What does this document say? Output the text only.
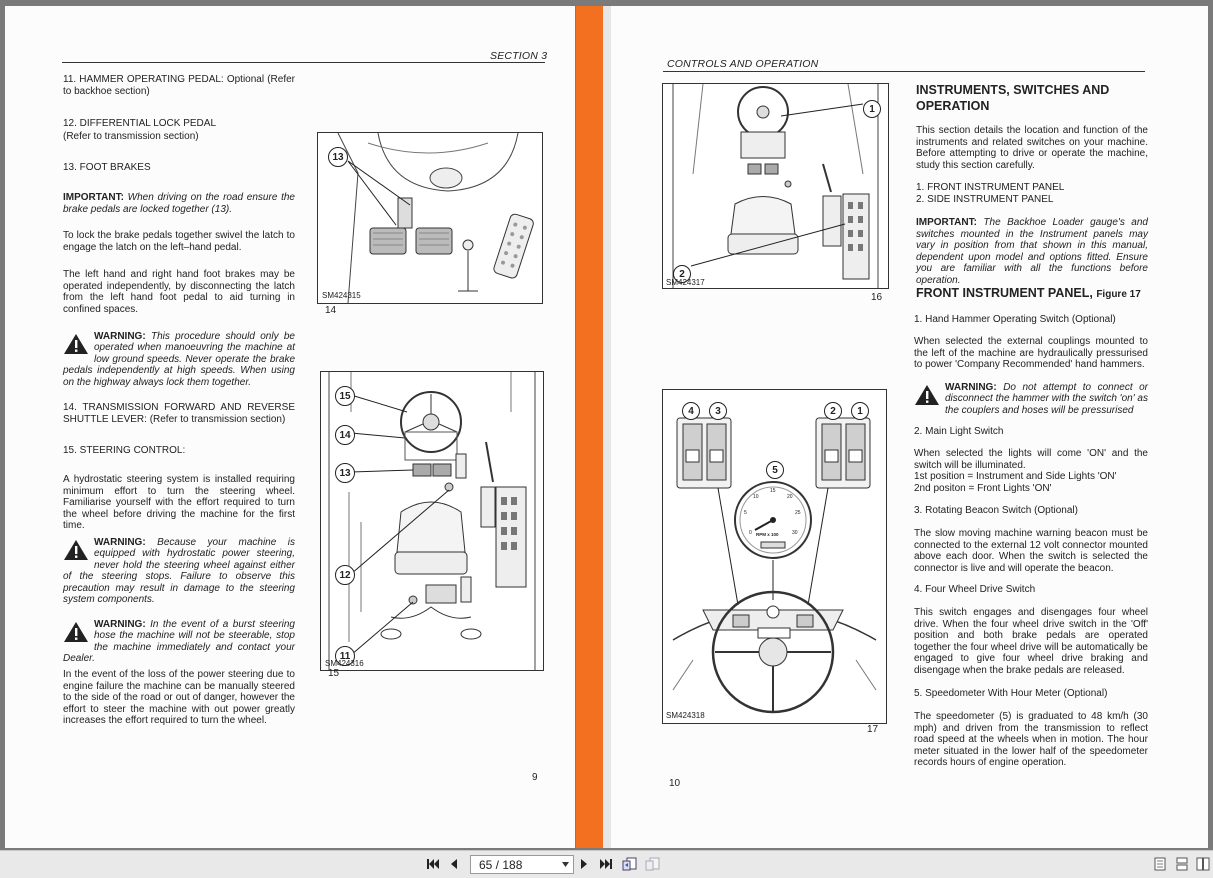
SECTION 3
11. HAMMER OPERATING PEDAL: Optional (Refer to backhoe section)
12. DIFFERENTIAL LOCK PEDAL
(Refer to transmission section)
13. FOOT BRAKES
IMPORTANT: When driving on the road ensure the brake pedals are locked together (13).
To lock the brake pedals together swivel the latch to engage the latch on the left–hand pedal.
The left hand and right hand foot brakes may be operated independently, by disconnecting the latch from the left hand foot pedal to aid turning in confined spaces.
WARNING: This procedure should only be operated when manoeuvring the machine at low ground speeds. Never operate the brake pedals independently at high speeds. When using on the highway always lock them together.
14. TRANSMISSION FORWARD AND REVERSE SHUTTLE LEVER: (Refer to transmission section)
15. STEERING CONTROL:
A hydrostatic steering system is installed requiring minimum effort to turn the steering wheel. Familiarise yourself with the effort required to turn the wheel before driving the machine for the first time.
WARNING: Because your machine is equipped with hydrostatic power steering, never hold the steering wheel against either of the steering stops. Failure to observe this precaution may result in damage to the steering system components.
WARNING: In the event of a burst steering hose the machine will not be steerable, stop the machine immediately and contact your Dealer.
In the event of the loss of the power steering due to engine failure the machine can be manually steered to the side of the road or out of danger, however the effort to steer the machine with out power greatly increases the effort required to turn the wheel.
13
SM424315
14
15
14
13
12
11
SM424316
15
9
CONTROLS AND OPERATION
1
2
SM424317
16
4	3	2	1
5
RPM x 100
0
5
10
15
20
25
30
SM424318
17
INSTRUMENTS, SWITCHES AND OPERATION
This section details the location and function of the instruments and related switches on your machine. Before attempting to drive or operate the machine, study this section carefully.
1. FRONT INSTRUMENT PANEL
2. SIDE INSTRUMENT PANEL
IMPORTANT: The Backhoe Loader gauge's and switches mounted in the Instrument panels may vary in position from that shown in this manual, dependent upon model and options fitted. Ensure you are familiar with all the functions before operation.
FRONT INSTRUMENT PANEL, Figure 17
1. Hand Hammer Operating Switch (Optional)
When selected the external couplings mounted to the left of the machine are hydraulically pressurised to power 'Company Recommended' hand hammers.
WARNING: Do not attempt to connect or disconnect the hammer with the switch 'on' as the couplers and hoses will be pressurised
2. Main Light Switch
When selected the lights will come 'ON' and the switch will be illuminated.
1st position = Instrument and Side Lights 'ON'
2nd positon = Front Lights 'ON'
3. Rotating Beacon Switch (Optional)
The slow moving machine warning beacon must be connected to the external 12 volt connector mounted above each door. When the switch is selected the connector is live and will operate the beacon.
4. Four Wheel Drive Switch
This switch engages and disengages four wheel drive. When the four wheel drive switch in the 'Off' position and both brake pedals are operated together the four wheel drive will be automatically be engaged to give four wheel drive braking and disengage when the brake pedals are released.
5. Speedometer With Hour Meter (Optional)
The speedometer (5) is graduated to 48 km/h (30 mph) and driven from the transmission to reflect road speed at the wheels when in motion. The hour meter situated in the lower half of the speedometer records hours of engine operation.
10
65 / 188
